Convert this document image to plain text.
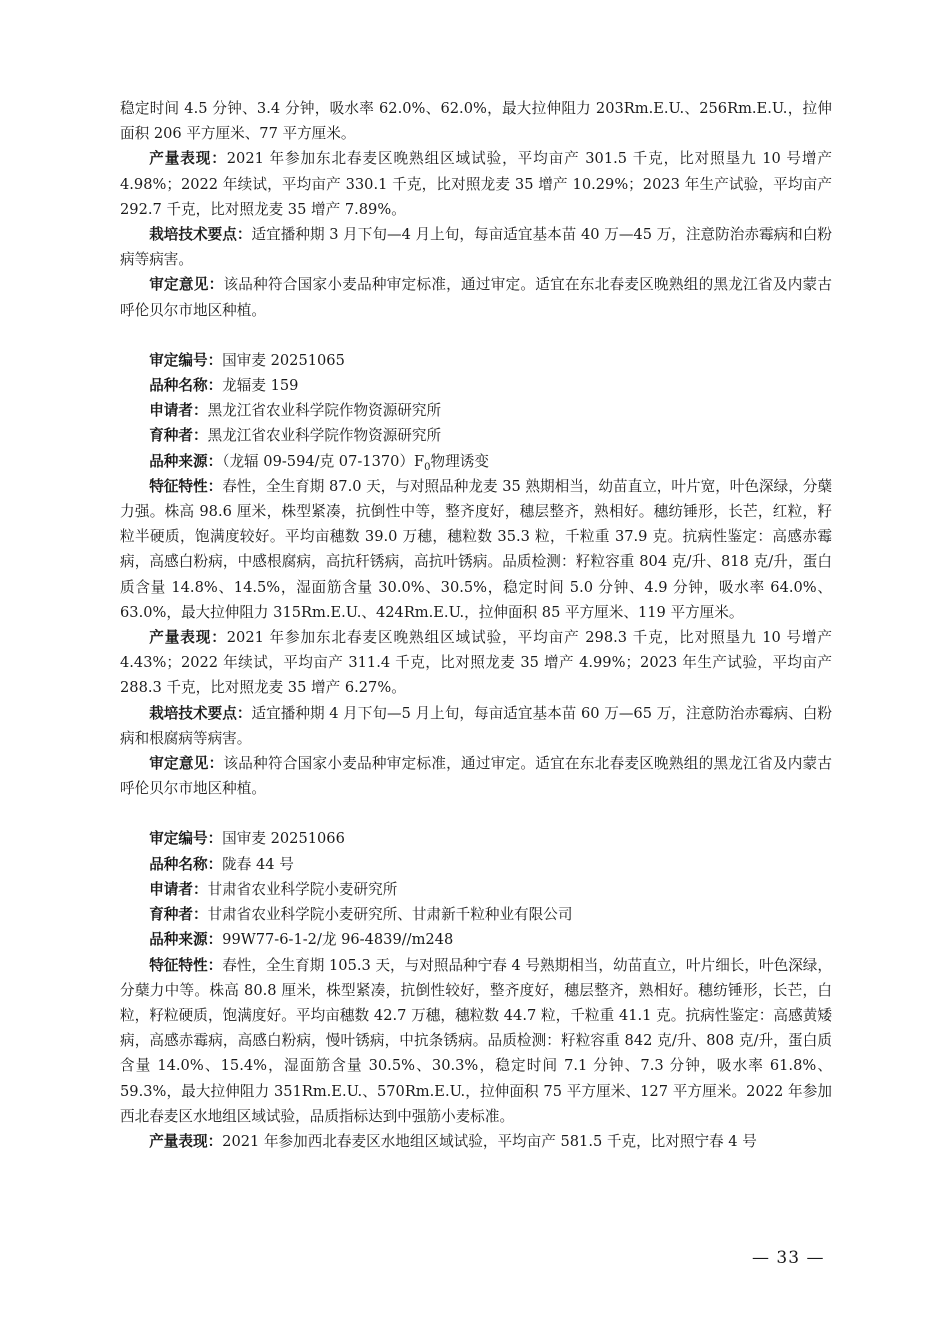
稳定时间 4.5 分钟、3.4 分钟，吸水率 62.0%、62.0%，最大拉伸阻力 203Rm.E.U.、256Rm.E.U.，拉伸面积 206 平方厘米、77 平方厘米。

产量表现：2021 年参加东北春麦区晚熟组区域试验，平均亩产 301.5 千克，比对照垦九 10 号增产 4.98%；2022 年续试，平均亩产 330.1 千克，比对照龙麦 35 增产 10.29%；2023 年生产试验，平均亩产 292.7 千克，比对照龙麦 35 增产 7.89%。

栽培技术要点：适宜播种期 3 月下旬—4 月上旬，每亩适宜基本苗 40 万—45 万，注意防治赤霉病和白粉病等病害。

审定意见：该品种符合国家小麦品种审定标准，通过审定。适宜在东北春麦区晚熟组的黑龙江省及内蒙古呼伦贝尔市地区种植。

审定编号：国审麦 20251065

品种名称：龙辐麦 159

申请者：黑龙江省农业科学院作物资源研究所

育种者：黑龙江省农业科学院作物资源研究所

品种来源：（龙辐 09-594/克 $07-1370)F_0$物理诱变

特征特性：春性，全生育期 87.0 天，与对照品种龙麦 35 熟期相当，幼苗直立，叶片宽，叶色深绿，分蘖力强。株高 98.6 厘米，株型紧凑，抗倒性中等，整齐度好，穗层整齐，熟相好。穗纺锤形，长芒，红粒，籽粒半硬质，饱满度较好。平均亩穗数 39.0 万穗，穗粒数 35.3 粒，千粒重 37.9 克。抗病性鉴定：高感赤霉病，高感白粉病，中感根腐病，高抗秆锈病，高抗叶锈病。品质检测：籽粒容重 804 克/升、818 克/升，蛋白质含量 14.8%、14.5%，湿面筋含量 30.0%、30.5%，稳定时间 5.0 分钟、4.9 分钟，吸水率 64.0%、63.0%，最大拉伸阻力 315Rm.E.U.、424Rm.E.U.，拉伸面积 85 平方厘米、119 平方厘米。

产量表现：2021 年参加东北春麦区晚熟组区域试验，平均亩产 298.3 千克，比对照垦九 10 号增产 4.43%；2022 年续试，平均亩产 311.4 千克，比对照龙麦 35 增产 4.99%；2023 年生产试验，平均亩产 288.3 千克，比对照龙麦 35 增产 6.27%。

栽培技术要点：适宜播种期 4 月下旬—5 月上旬，每亩适宜基本苗 60 万—65 万，注意防治赤霉病、白粉病和根腐病等病害。

审定意见：该品种符合国家小麦品种审定标准，通过审定。适宜在东北春麦区晚熟组的黑龙江省及内蒙古呼伦贝尔市地区种植。

审定编号：国审麦 20251066

品种名称：陇春 44 号

申请者：甘肃省农业科学院小麦研究所

育种者：甘肃省农业科学院小麦研究所、甘肃新千粒种业有限公司

品种来源：99W77-6-1-2/龙 96-4839//m248

特征特性：春性，全生育期 105.3 天，与对照品种宁春 4 号熟期相当，幼苗直立，叶片细长，叶色深绿，分蘖力中等。株高 80.8 厘米，株型紧凑，抗倒性较好，整齐度好，穗层整齐，熟相好。穗纺锤形，长芒，白粒，籽粒硬质，饱满度好。平均亩穗数 42.7 万穗，穗粒数 44.7 粒，千粒重 41.1 克。抗病性鉴定：高感黄矮病，高感赤霉病，高感白粉病，慢叶锈病，中抗条锈病。品质检测：籽粒容重 842 克/升、808 克/升，蛋白质含量 14.0%、15.4%，湿面筋含量 30.5%、30.3%，稳定时间 7.1 分钟、7.3 分钟，吸水率 61.8%、59.3%，最大拉伸阻力 351Rm.E.U.、570Rm.E.U.，拉伸面积 75 平方厘米、127 平方厘米。2022 年参加西北春麦区水地组区域试验，品质指标达到中强筋小麦标准。

产量表现：2021 年参加西北春麦区水地组区域试验，平均亩产 581.5 千克，比对照宁春 4 号

— 33 —
